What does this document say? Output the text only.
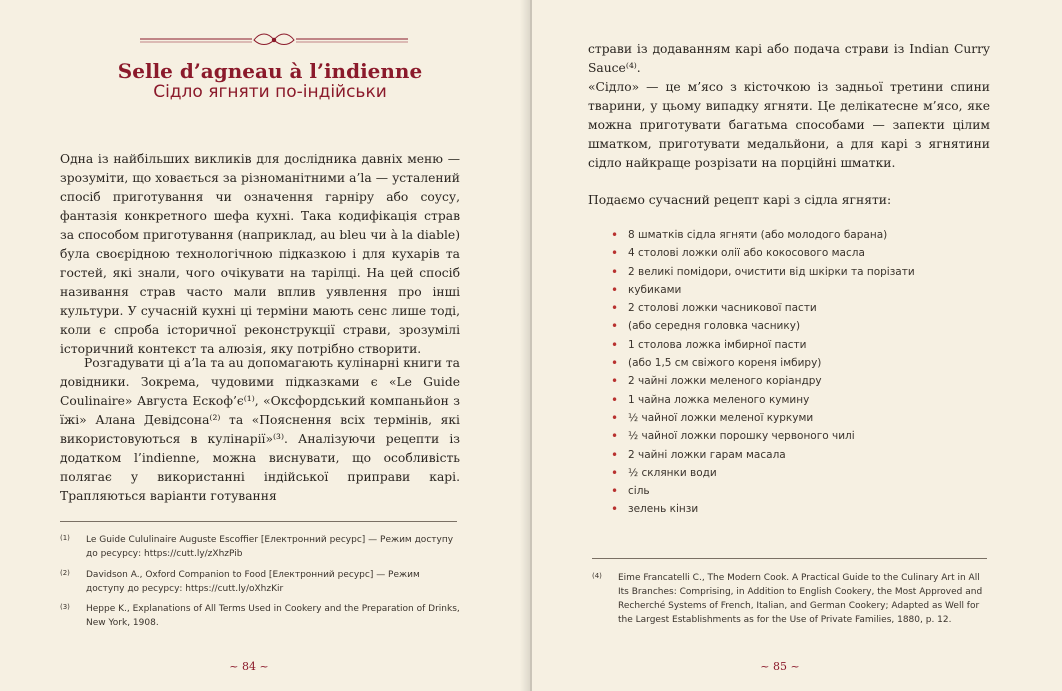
Selle d’agneau à l’indienne
Сідло ягняти по-індійськи
Одна із найбільших викликів для дослідника давніх меню — зрозуміти, що ховається за різноманітними a’la — усталений спосіб приготування чи означення гарніру або соусу, фантазія конкретного шефа кухні. Така кодифікація страв за способом приготування (наприклад, au bleu чи à la diable) була своєрідною технологічною підказкою і для кухарів та гостей, які знали, чого очікувати на тарілці. На цей спосіб називання страв часто мали вплив уявлення про інші культури. У сучасній кухні ці терміни мають сенс лише тоді, коли є спроба історичної реконструкції страви, зрозумілі історичний контекст та алюзія, яку потрібно створити.
Розгадувати ці a’la та au допомагають кулінарні книги та довідники. Зокрема, чудовими підказками є «Le Guide Coulinaire» Августа Ескоф’є⁽¹⁾, «Оксфордський компаньйон з їжі» Алана Девідсона⁽²⁾ та «Пояснення всіх термінів, які використовуються в кулінарії»⁽³⁾. Аналізуючи рецепти із додатком l’indienne, можна виснувати, що особливість полягає у використанні індійської приправи карі. Трапляються варіанти готування
(1) Le Guide Cululinaire Auguste Escoffier [Електронний ресурс] — Режим доступу до ресурсу: https://cutt.ly/zXhzPib
(2) Davidson A., Oxford Companion to Food [Електронний ресурс] — Режим доступу до ресурсу: https://cutt.ly/oXhzKir
(3) Heppe K., Explanations of All Terms Used in Cookery and the Preparation of Drinks, New York, 1908.
~ 84 ~
страви із додаванням карі або подача страви із Indian Curry Sauce⁽⁴⁾.
«Сідло» — це м’ясо з кісточкою із задньої третини спини тварини, у цьому випадку ягняти. Це делікатесне м’ясо, яке можна приготувати багатьма способами — запекти цілим шматком, приготувати медальйони, а для карі з ягнятини сідло найкраще розрізати на порційні шматки.
Подаємо сучасний рецепт карі з сідла ягняти:
• 8 шматків сідла ягняти (або молодого барана)
• 4 столові ложки олії або кокосового масла
• 2 великі помідори, очистити від шкірки та порізати
• кубиками
• 2 столові ложки часникової пасти
• (або середня головка часнику)
• 1 столова ложка імбирної пасти
• (або 1,5 см свіжого кореня імбиру)
• 2 чайні ложки меленого коріандру
• 1 чайна ложка меленого кумину
• ½ чайної ложки меленої куркуми
• ½ чайної ложки порошку червоного чилі
• 2 чайні ложки гарам масала
• ½ склянки води
• сіль
• зелень кінзи
(4) Eime Francatelli C., The Modern Cook. A Practical Guide to the Culinary Art in All Its Branches: Comprising, in Addition to English Cookery, the Most Approved and Recherché Systems of French, Italian, and German Cookery; Adapted as Well for the Largest Establishments as for the Use of Private Families, 1880, p. 12.
~ 85 ~
